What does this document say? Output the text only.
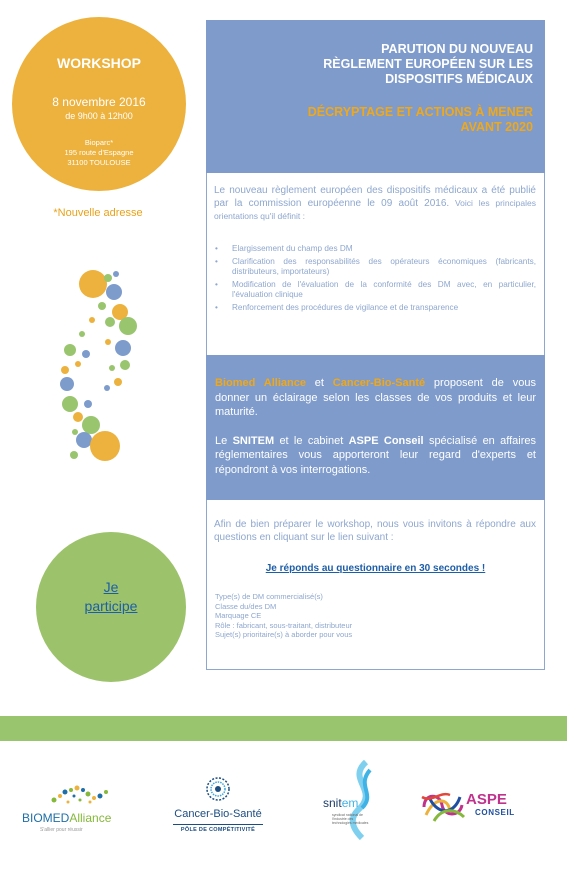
WORKSHOP
8 novembre 2016
de 9h00 à 12h00
Bioparc*
195 route d'Espagne
31100 TOULOUSE
*Nouvelle adresse
Je
participe
PARUTION DU NOUVEAU
RÈGLEMENT EUROPÉEN SUR LES
DISPOSITIFS MÉDICAUX
DÉCRYPTAGE ET ACTIONS À MENER
AVANT 2020
Le nouveau règlement européen des dispositifs médicaux a été publié par la commission européenne le 09 août 2016. Voici les principales orientations qu'il définit :
• Elargissement du champ des DM
• Clarification des responsabilités des opérateurs économiques (fabricants, distributeurs, importateurs)
• Modification de l'évaluation de la conformité des DM avec, en particulier, l'évaluation clinique
• Renforcement des procédures de vigilance et de transparence

Biomed Alliance et Cancer-Bio-Santé proposent de vous donner un éclairage selon les classes de vos produits et leur maturité.

Le SNITEM et le cabinet ASPE Conseil spécialisé en affaires réglementaires vous apporteront leur regard d'experts et répondront à vos interrogations.

Afin de bien préparer le workshop, nous vous invitons à répondre aux questions en cliquant sur le lien suivant :
Je réponds au questionnaire en 30 secondes !
Type(s) de DM commercialisé(s)
Classe du/des DM
Marquage CE
Rôle : fabricant, sous-traitant, distributeur
Sujet(s) prioritaire(s) à aborder pour vous
BIOMEDAlliance
S'allier pour réussir
Cancer-Bio-Santé
PÔLE DE COMPÉTITIVITÉ
snitem
syndicat national de l'industrie des technologies médicales
ASPE
CONSEIL
